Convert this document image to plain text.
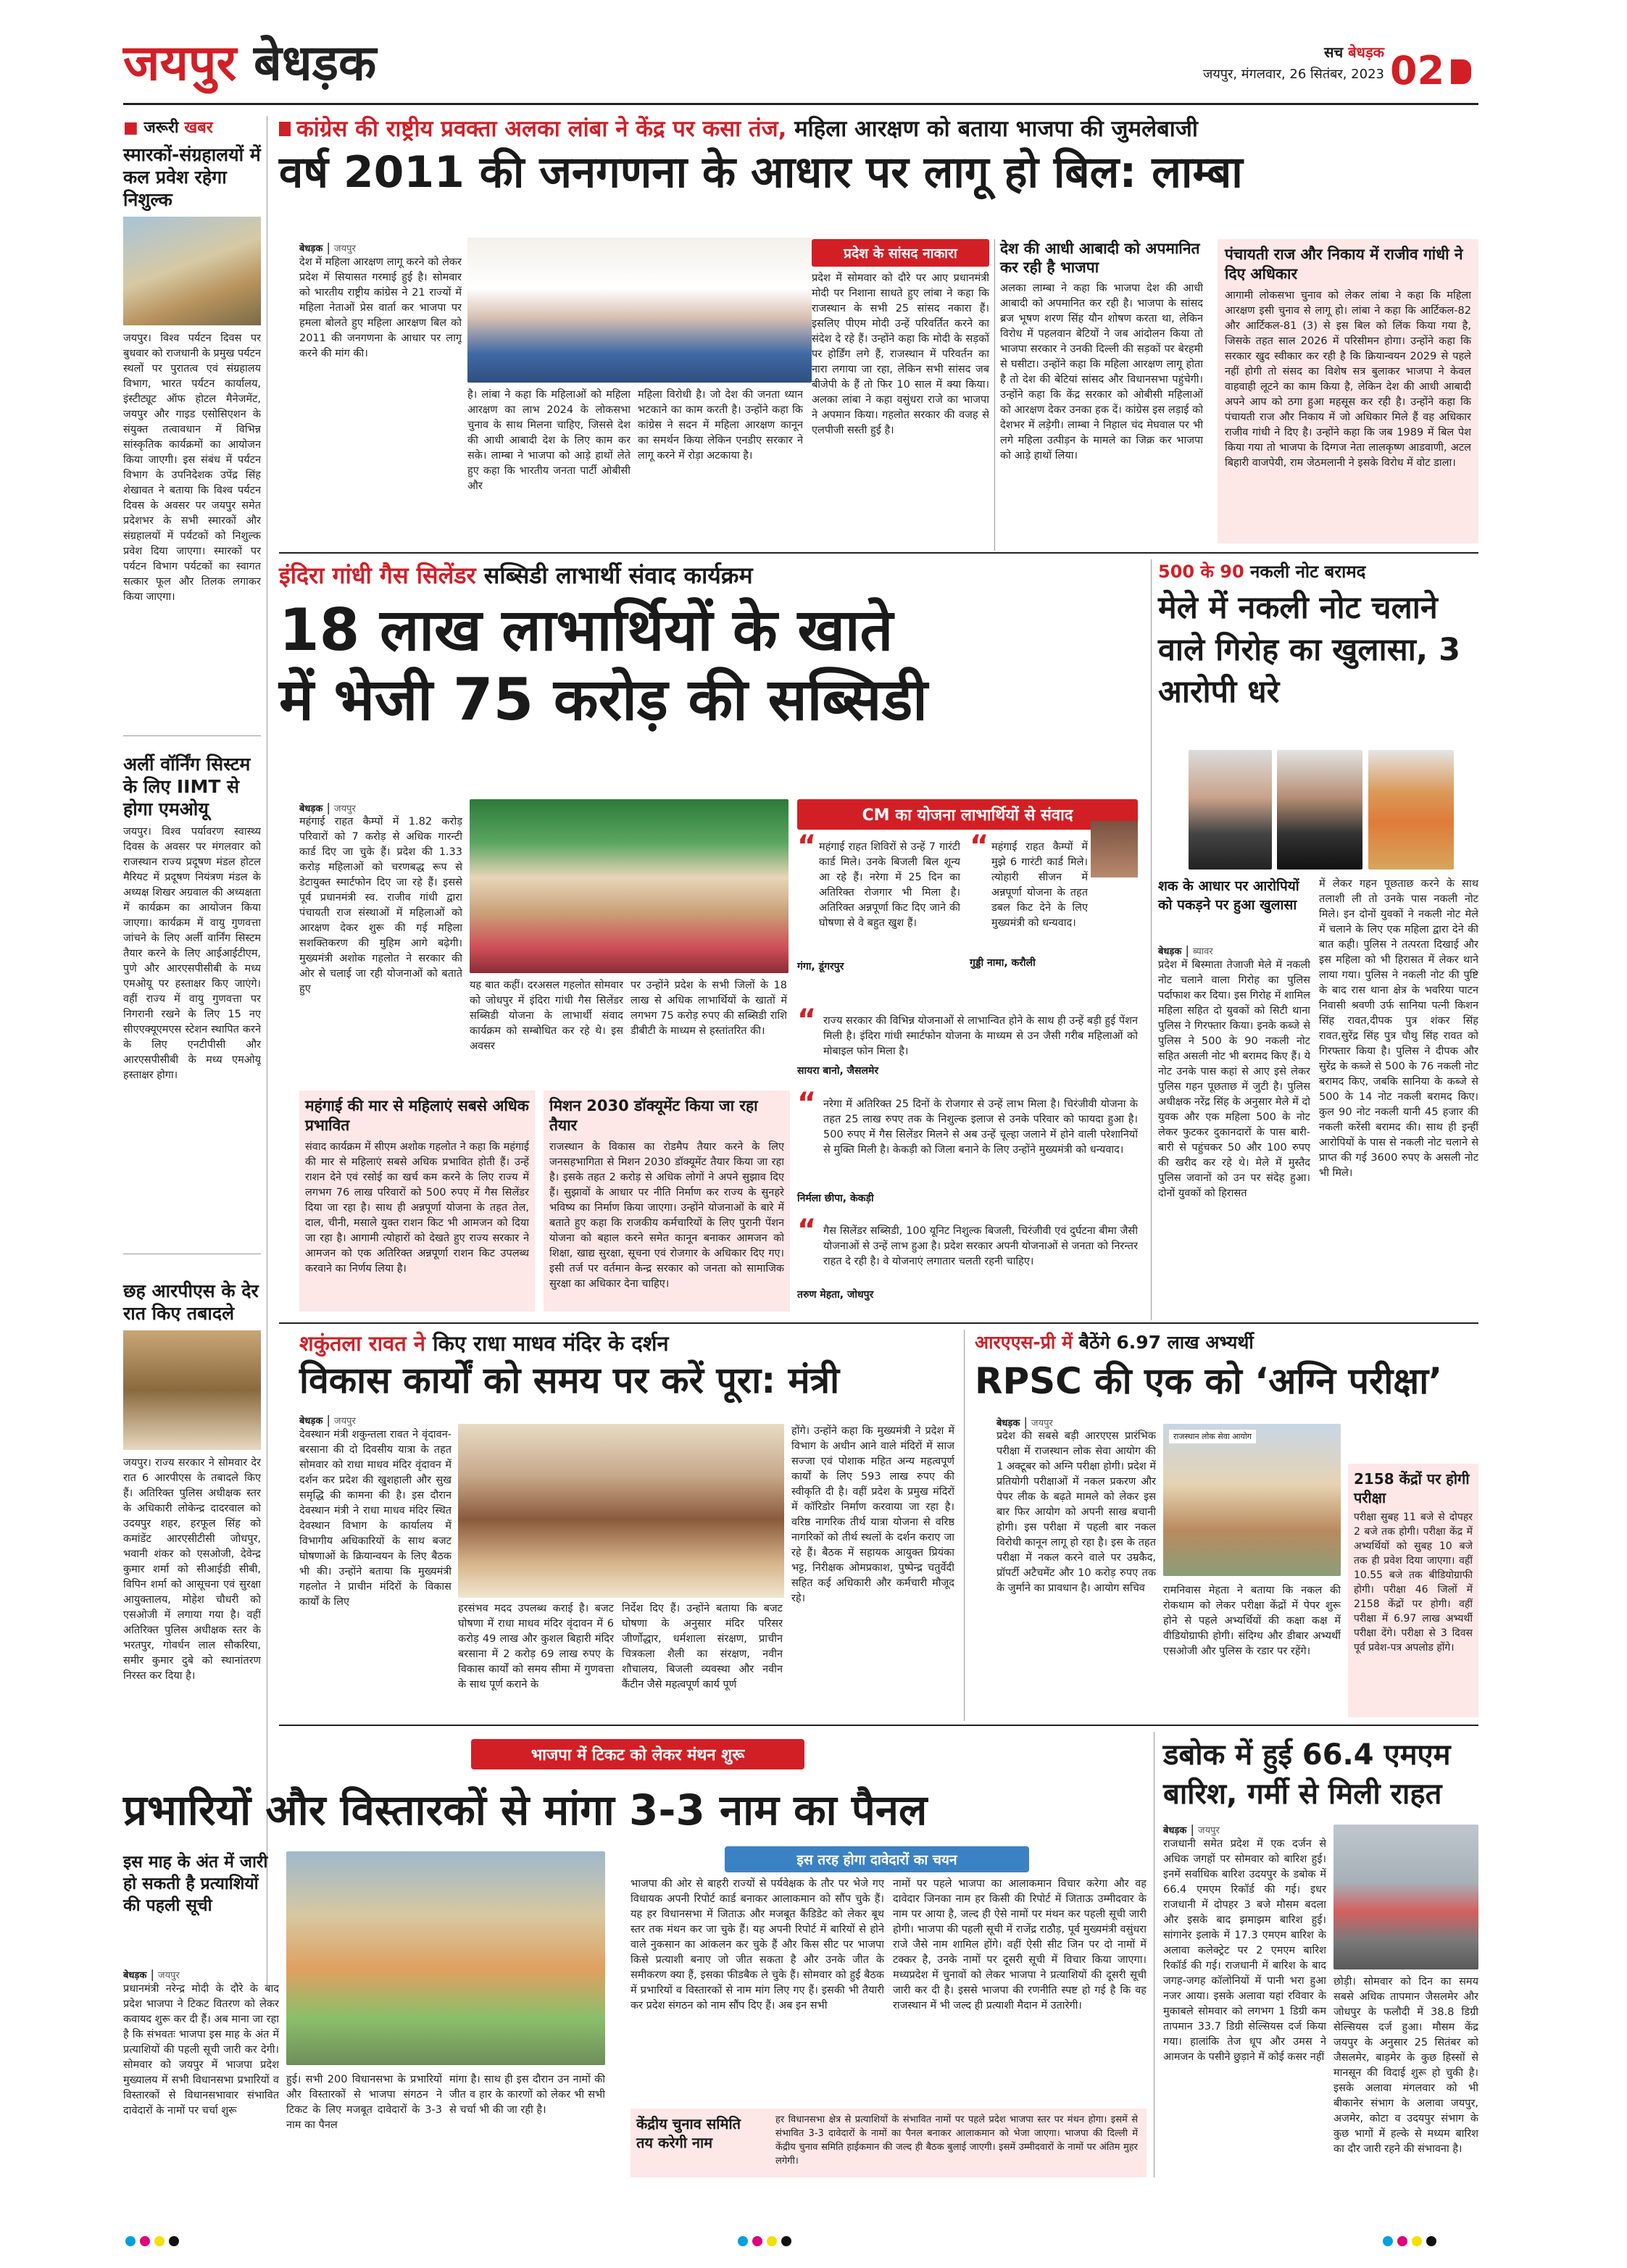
जयपुर बेधड़क	सच बेधड़क
जयपुर, मंगलवार, 26 सितंबर, 2023 02
■ जरूरी खबर
स्मारकों-संग्रहालयों में कल प्रवेश रहेगा निशुल्क
जयपुर। विश्व पर्यटन दिवस पर बुधवार को राजधानी के प्रमुख पर्यटन स्थलों पर पुरातत्व एवं संग्रहालय विभाग, भारत पर्यटन कार्यालय, इंस्टीट्यूट ऑफ होटल मैनेजमेंट, जयपुर और गाइड एसोसिएशन के संयुक्त तत्वावधान में विभिन्न सांस्कृतिक कार्यक्रमों का आयोजन किया जाएगी। इस संबंध में पर्यटन विभाग के उपनिदेशक उपेंद्र सिंह शेखावत ने बताया कि विश्व पर्यटन दिवस के अवसर पर जयपुर समेत प्रदेशभर के सभी स्मारकों और संग्रहालयों में पर्यटकों को निशुल्क प्रवेश दिया जाएगा। स्मारकों पर पर्यटन विभाग पर्यटकों का स्वागत सत्कार फूल और तिलक लगाकर किया जाएगा।
अर्ली वॉर्निंग सिस्टम के लिए IIMT से होगा एमओयू
जयपुर। विश्व पर्यावरण स्वास्थ्य दिवस के अवसर पर मंगलवार को राजस्थान राज्य प्रदूषण मंडल होटल मैरियट में प्रदूषण नियंत्रण मंडल के अध्यक्ष शिखर अग्रवाल की अध्यक्षता में कार्यक्रम का आयोजन किया जाएगा। कार्यक्रम में वायु गुणवत्ता जांचने के लिए अर्ली वार्निंग सिस्टम तैयार करने के लिए आईआईटीएम, पुणे और आरएसपीसीबी के मध्य एमओयू पर हस्ताक्षर किए जाएंगे। वहीं राज्य में वायु गुणवत्ता पर निगरानी रखने के लिए 15 नए सीएएक्यूएमएस स्टेशन स्थापित करने के लिए एनटीपीसी और आरएसपीसीबी के मध्य एमओयू हस्ताक्षर होगा।
छह आरपीएस के देर रात किए तबादले
जयपुर। राज्य सरकार ने सोमवार देर रात 6 आरपीएस के तबादले किए हैं। अतिरिक्त पुलिस अधीक्षक स्तर के अधिकारी लोकेन्द्र दादरवाल को उदयपुर शहर, हरफूल सिंह को कमांडेंट आरएसीटीसी जोधपुर, भवानी शंकर को एसओजी, देवेन्द्र कुमार शर्मा को सीआईडी सीबी, विपिन शर्मा को आसूचना एवं सुरक्षा आयुक्तालय, मोहेश चौधरी को एसओजी में लगाया गया है। वहीं अतिरिक्त पुलिस अधीक्षक स्तर के भरतपुर, गोवर्धन लाल सौकरिया, समीर कुमार दुबे को स्थानांतरण निरस्त कर दिया है।
कांग्रेस की राष्ट्रीय प्रवक्ता अलका लांबा ने केंद्र पर कसा तंज, महिला आरक्षण को बताया भाजपा की जुमलेबाजी
वर्ष 2011 की जनगणना के आधार पर लागू हो बिल: लाम्बा
बेधड़क | जयपुर
देश में महिला आरक्षण लागू करने को लेकर प्रदेश में सियासत गरमाई हुई है। सोमवार को भारतीय राष्ट्रीय कांग्रेस ने 21 राज्यों में महिला नेताओं प्रेस वार्ता कर भाजपा पर हमला बोलते हुए महिला आरक्षण बिल को 2011 की जनगणना के आधार पर लागू करने की मांग की।
है। लांबा ने कहा कि महिलाओं को महिला आरक्षण का लाभ 2024 के लोकसभा चुनाव के साथ मिलना चाहिए, जिससे देश की आधी आबादी देश के लिए काम कर सके। लाम्बा ने भाजपा को आड़े हाथों लेते हुए कहा कि भारतीय जनता पार्टी ओबीसी और
महिला विरोधी है। जो देश की जनता ध्यान भटकाने का काम करती है। उन्होंने कहा कि कांग्रेस ने सदन में महिला आरक्षण कानून का समर्थन किया लेकिन एनडीए सरकार ने लागू करने में रोड़ा अटकाया है।
प्रदेश के सांसद नाकारा
प्रदेश में सोमवार को दौरे पर आए प्रधानमंत्री मोदी पर निशाना साधते हुए लांबा ने कहा कि राजस्थान के सभी 25 सांसद नकारा हैं। इसलिए पीएम मोदी उन्हें परिवर्तित करने का संदेश दे रहे हैं। उन्होंने कहा कि मोदी के सड़कों पर होर्डिंग लगे हैं, राजस्थान में परिवर्तन का नारा लगाया जा रहा, लेकिन सभी सांसद जब बीजेपी के हैं तो फिर 10 साल में क्या किया। अलका लांबा ने कहा वसुंधरा राजे का भाजपा ने अपमान किया। गहलोत सरकार की वजह से एलपीजी सस्ती हुई है।
देश की आधी आबादी को अपमानित कर रही है भाजपा
अलका लाम्बा ने कहा कि भाजपा देश की आधी आबादी को अपमानित कर रही है। भाजपा के सांसद ब्रज भूषण शरण सिंह यौन शोषण करता था, लेकिन विरोध में पहलवान बेटियों ने जब आंदोलन किया तो भाजपा सरकार ने उनकी दिल्ली की सड़कों पर बेरहमी से घसीटा। उन्होंने कहा कि महिला आरक्षण लागू होता है तो देश की बेटियां सांसद और विधानसभा पहुंचेगी। उन्होंने कहा कि केंद्र सरकार को ओबीसी महिलाओं को आरक्षण देकर उनका हक दें। कांग्रेस इस लड़ाई को देशभर में लड़ेगी। लाम्बा ने निहाल चंद मेघवाल पर भी लगे महिला उत्पीड़न के मामले का जिक्र कर भाजपा को आड़े हाथों लिया।
पंचायती राज और निकाय में राजीव गांधी ने दिए अधिकार
आगामी लोकसभा चुनाव को लेकर लांबा ने कहा कि महिला आरक्षण इसी चुनाव से लागू हो। लांबा ने कहा कि आर्टिकल-82 और आर्टिकल-81 (3) से इस बिल को लिंक किया गया है, जिसके तहत साल 2026 में परिसीमन होगा। उन्होंने कहा कि सरकार खुद स्वीकार कर रही है कि क्रियान्वयन 2029 से पहले नहीं होगी तो संसद का विशेष सत्र बुलाकर भाजपा ने केवल वाहवाही लूटने का काम किया है, लेकिन देश की आधी आबादी अपने आप को ठगा हुआ महसूस कर रही है। उन्होंने कहा कि पंचायती राज और निकाय में जो अधिकार मिले हैं वह अधिकार राजीव गांधी ने दिए है। उन्होंने कहा कि जब 1989 में बिल पेश किया गया तो भाजपा के दिग्गज नेता लालकृष्ण आडवाणी, अटल बिहारी वाजपेयी, राम जेठमलानी ने इसके विरोध में वोट डाला।
इंदिरा गांधी गैस सिलेंडर सब्सिडी लाभार्थी संवाद कार्यक्रम
18 लाख लाभार्थियों के खाते
में भेजी 75 करोड़ की सब्सिडी
बेधड़क | जयपुर
महंगाई राहत कैम्पों में 1.82 करोड़ परिवारों को 7 करोड़ से अधिक गारन्टी कार्ड दिए जा चुके हैं। प्रदेश की 1.33 करोड़ महिलाओं को चरणबद्ध रूप से डेटायुक्त स्मार्टफोन दिए जा रहे हैं। इससे पूर्व प्रधानमंत्री स्व. राजीव गांधी द्वारा पंचायती राज संस्थाओं में महिलाओं को आरक्षण देकर शुरू की गई महिला सशक्तिकरण की मुहिम आगे बढ़ेगी। मुख्यमंत्री अशोक गहलोत ने सरकार की ओर से चलाई जा रही योजनाओं को बताते हुए	यह बात कहीं। दरअसल गहलोत सोमवार को जोधपुर में इंदिरा गांधी गैस सिलेंडर सब्सिडी योजना के लाभार्थी संवाद कार्यक्रम को सम्बोधित कर रहे थे। इस अवसर
पर उन्होंने प्रदेश के सभी जिलों के 18 लाख से अधिक लाभार्थियों के खातों में लगभग 75 करोड़ रुपए की सब्सिडी राशि डीबीटी के माध्यम से हस्तांतरित की।
CM का योजना लाभार्थियों से संवाद
“ महंगाई राहत शिविरों से उन्हें 7 गारंटी कार्ड मिले। उनके बिजली बिल शून्य आ रहे हैं। नरेगा में 25 दिन का अतिरिक्त रोजगार भी मिला है। अतिरिक्त अन्नपूर्णा किट दिए जाने की घोषणा से वे बहुत खुश हैं।
गंगा, डूंगरपुर
“ महंगाई राहत कैम्पों में मुझे 6 गारंटी कार्ड मिले। त्योहारी सीजन में अन्नपूर्णा योजना के तहत डबल किट देने के लिए मुख्यमंत्री को धन्यवाद।
गुड्डी नामा, करौली
“ राज्य सरकार की विभिन्न योजनाओं से लाभान्वित होने के साथ ही उन्हें बड़ी हुई पेंशन मिली है। इंदिरा गांधी स्मार्टफोन योजना के माध्यम से उन जैसी गरीब महिलाओं को मोबाइल फोन मिला है।
सायरा बानो, जैसलमेर
“ नरेगा में अतिरिक्त 25 दिनों के रोजगार से उन्हें लाभ मिला है। चिरंजीवी योजना के तहत 25 लाख रुपए तक के निशुल्क इलाज से उनके परिवार को फायदा हुआ है। 500 रुपए में गैस सिलेंडर मिलने से अब उन्हें चूल्हा जलाने में होने वाली परेशानियों से मुक्ति मिली है। केकड़ी को जिला बनाने के लिए उन्होंने मुख्यमंत्री को धन्यवाद।
निर्मला छीपा, केकड़ी
“ गैस सिलेंडर सब्सिडी, 100 यूनिट निशुल्क बिजली, चिरंजीवी एवं दुर्घटना बीमा जैसी योजनाओं से उन्हें लाभ हुआ है। प्रदेश सरकार अपनी योजनाओं से जनता को निरन्तर राहत दे रही है। वे योजनाएं लगातार चलती रहनी चाहिए।
तरुण मेहता, जोधपुर
महंगाई की मार से महिलाएं सबसे अधिक प्रभावित
संवाद कार्यक्रम में सीएम अशोक गहलोत ने कहा कि महंगाई की मार से महिलाएं सबसे अधिक प्रभावित होती हैं। उन्हें राशन देने एवं रसोई का खर्च कम करने के लिए राज्य में लगभग 76 लाख परिवारों को 500 रुपए में गैस सिलेंडर दिया जा रहा है। साथ ही अन्नपूर्णा योजना के तहत तेल, दाल, चीनी, मसाले युक्त राशन किट भी आमजन को दिया जा रहा है। आगामी त्योहारों को देखते हुए राज्य सरकार ने आमजन को एक अतिरिक्त अन्नपूर्णा राशन किट उपलब्ध करवाने का निर्णय लिया है।
मिशन 2030 डॉक्यूमेंट किया जा रहा तैयार
राजस्थान के विकास का रोडमैप तैयार करने के लिए जनसहभागिता से मिशन 2030 डॉक्यूमेंट तैयार किया जा रहा है। इसके तहत 2 करोड़ से अधिक लोगों ने अपने सुझाव दिए हैं। सुझावों के आधार पर नीति निर्माण कर राज्य के सुनहरे भविष्य का निर्माण किया जाएगा। उन्होंने योजनाओं के बारे में बताते हुए कहा कि राजकीय कर्मचारियों के लिए पुरानी पेंशन योजना को बहाल करने समेत कानून बनाकर आमजन को शिक्षा, खाद्य सुरक्षा, सूचना एवं रोजगार के अधिकार दिए गए। इसी तर्ज पर वर्तमान केन्द्र सरकार को जनता को सामाजिक सुरक्षा का अधिकार देना चाहिए।
500 के 90 नकली नोट बरामद
मेले में नकली नोट चलाने वाले गिरोह का खुलासा, 3 आरोपी धरे
शक के आधार पर आरोपियों को पकड़ने पर हुआ खुलासा
बेधड़क | ब्यावर
प्रदेश में बिस्माता तेजाजी मेले में नकली नोट चलाने वाला गिरोह का पुलिस पर्दाफाश कर दिया। इस गिरोह में शामिल महिला सहित दो युवकों को सिटी थाना पुलिस ने गिरफ्तार किया। इनके कब्जे से पुलिस ने 500 के 90 नकली नोट सहित असली नोट भी बरामद किए हैं। ये नोट उनके पास कहां से आए इसे लेकर पुलिस गहन पूछताछ में जुटी है। पुलिस अधीक्षक नरेंद्र सिंह के अनुसार मेले में दो युवक और एक महिला 500 के नोट लेकर फुटकर दुकानदारों के पास बारी-बारी से पहुंचकर 50 और 100 रुपए की खरीद कर रहे थे। मेले में मुस्तैद पुलिस जवानों को उन पर संदेह हुआ। दोनों युवकों को हिरासत
में लेकर गहन पूछताछ करने के साथ तलाशी ली तो उनके पास नकली नोट मिले। इन दोनों युवकों ने नकली नोट मेले में चलाने के लिए एक महिला द्वारा देने की बात कही। पुलिस ने तत्परता दिखाई और इस महिला को भी हिरासत में लेकर थाने लाया गया। पुलिस ने नकली नोट की पुष्टि के बाद रास थाना क्षेत्र के भवरिया पाटन निवासी श्रवणी उर्फ सानिया पत्नी किशन सिंह रावत,दीपक पुत्र शंकर सिंह रावत,सुरेंद्र सिंह पुत्र चौथु सिंह रावत को गिरफ्तार किया है। पुलिस ने दीपक और सुरेंद्र के कब्जे से 500 के 76 नकली नोट बरामद किए, जबकि सानिया के कब्जे से 500 के 14 नोट नकली बरामद किए। कुल 90 नोट नकली यानी 45 हजार की नकली करेंसी बरामद की। साथ ही इन्हीं आरोपियों के पास से नकली नोट चलाने से प्राप्त की गई 3600 रुपए के असली नोट भी मिले।
शकुंतला रावत ने किए राधा माधव मंदिर के दर्शन
विकास कार्यों को समय पर करें पूरा: मंत्री
बेधड़क | जयपुर
देवस्थान मंत्री शकुन्तला रावत ने वृंदावन-बरसाना की दो दिवसीय यात्रा के तहत सोमवार को राधा माधव मंदिर वृंदावन में दर्शन कर प्रदेश की खुशहाली और सुख समृद्धि की कामना की है। इस दौरान देवस्थान मंत्री ने राधा माधव मंदिर स्थित देवस्थान विभाग के कार्यालय में विभागीय अधिकारियों के साथ बजट घोषणाओं के क्रियान्वयन के लिए बैठक भी की। उन्होंने बताया कि मुख्यमंत्री गहलोत ने प्राचीन मंदिरों के विकास कार्यों के लिए
हरसंभव मदद उपलब्ध कराई है। बजट घोषणा में राधा माधव मंदिर वृंदावन में 6 करोड़ 49 लाख और कुशल बिहारी मंदिर बरसाना में 2 करोड़ 69 लाख रुपए के विकास कार्यों को समय सीमा में गुणवत्ता के साथ पूर्ण कराने के
निर्देश दिए हैं। उन्होंने बताया कि बजट घोषणा के अनुसार मंदिर परिसर जीर्णोद्धार, धर्मशाला संरक्षण, प्राचीन चित्रकला शैली का संरक्षण, नवीन शौचालय, बिजली व्यवस्था और नवीन कैंटीन जैसे महत्वपूर्ण कार्य पूर्ण
होंगे। उन्होंने कहा कि मुख्यमंत्री ने प्रदेश में विभाग के अधीन आने वाले मंदिरों में साज सज्जा एवं पोशाक महित अन्य महत्वपूर्ण कार्यों के लिए 593 लाख रुपए की स्वीकृति दी है। वहीं प्रदेश के प्रमुख मंदिरों में कॉरिडोर निर्माण करवाया जा रहा है। वरिष्ठ नागरिक तीर्थ यात्रा योजना से वरिष्ठ नागरिकों को तीर्थ स्थलों के दर्शन कराए जा रहे हैं। बैठक में सहायक आयुक्त प्रियंका भट्ट, निरीक्षक ओमप्रकाश, पुष्पेन्द्र चतुर्वेदी सहित कई अधिकारी और कर्मचारी मौजूद रहे।
आरएएस-प्री में बैठेंगे 6.97 लाख अभ्यर्थी
RPSC की एक को ‘अग्नि परीक्षा’
बेधड़क | जयपुर
प्रदेश की सबसे बड़ी आरएएस प्रारंभिक परीक्षा में राजस्थान लोक सेवा आयोग की 1 अक्टूबर को अग्नि परीक्षा होगी। प्रदेश में प्रतियोगी परीक्षाओं में नकल प्रकरण और पेपर लीक के बढ़ते मामले को लेकर इस बार फिर आयोग को अपनी साख बचानी होगी। इस परीक्षा में पहली बार नकल विरोधी कानून लागू हो रहा है। इस के तहत परीक्षा में नकल करने वाले पर उम्रकैद, प्रॉपर्टी अटैचमेंट और 10 करोड़ रुपए तक के जुर्माने का प्रावधान है। आयोग सचिव
राजस्थान लोक सेवा आयोग
रामनिवास मेहता ने बताया कि नकल की रोकथाम को लेकर परीक्षा केंद्रों में पेपर शुरू होने से पहले अभ्यर्थियों की कक्षा कक्ष में वीडियोग्राफी होगी। संदिग्ध और डीबार अभ्यर्थी एसओजी और पुलिस के रडार पर रहेंगे।
2158 केंद्रों पर होगी परीक्षा
परीक्षा सुबह 11 बजे से दोपहर 2 बजे तक होगी। परीक्षा केंद्र में अभ्यर्थियों को सुबह 10 बजे तक ही प्रवेश दिया जाएगा। वहीं 10.55 बजे तक बीडियोग्राफी होगी। परीक्षा 46 जिलों में 2158 केंद्रों पर होगी। वहीं परीक्षा में 6.97 लाख अभ्यर्थी परीक्षा देंगे। परीक्षा से 3 दिवस पूर्व प्रवेश-पत्र अपलोड होंगे।
भाजपा में टिकट को लेकर मंथन शुरू
प्रभारियों और विस्तारकों से मांगा 3-3 नाम का पैनल
इस माह के अंत में जारी हो सकती है प्रत्याशियों की पहली सूची
बेधड़क | जयपुर
प्रधानमंत्री नरेन्द्र मोदी के दौरे के बाद प्रदेश भाजपा ने टिकट वितरण को लेकर कवायद शुरू कर दी हैं। अब माना जा रहा है कि संभवतः भाजपा इस माह के अंत में प्रत्याशियों की पहली सूची जारी कर देगी। सोमवार को जयपुर में भाजपा प्रदेश मुख्यालय में सभी विधानसभा प्रभारियों व विस्तारकों से विधानसभावार संभावित दावेदारों के नामों पर चर्चा शुरू
हुई। सभी 200 विधानसभा के प्रभारियों और विस्तारकों से भाजपा संगठन ने टिकट के लिए मजबूत दावेदारों के 3-3 नाम का पैनल
मांगा है। साथ ही इस दौरान उन नामों की जीत व हार के कारणों को लेकर भी सभी से चर्चा भी की जा रही है।
इस तरह होगा दावेदारों का चयन
भाजपा की ओर से बाहरी राज्यों से पर्यवेक्षक के तौर पर भेजे गए विधायक अपनी रिपोर्ट कार्ड बनाकर आलाकमान को सौंप चुके हैं। यह हर विधानसभा में जिताऊ और मजबूत कैंडिडेट को लेकर बूथ स्तर तक मंथन कर जा चुके हैं। यह अपनी रिपोर्ट में बारियों से होने वाले नुकसान का आंकलन कर चुके हैं और किस सीट पर भाजपा किसे प्रत्याशी बनाए जो जीत सकता है और उनके जीत के समीकरण क्या हैं, इसका फीडबैक ले चुके हैं। सोमवार को हुई बैठक में प्रभारियों व विस्तारकों से नाम मांग लिए गए हैं। इसकी भी तैयारी कर प्रदेश संगठन को नाम सौंप दिए हैं। अब इन सभी
नामों पर पहले भाजपा का आलाकमान विचार करेगा और वह दावेदार जिनका नाम हर किसी की रिपोर्ट में जिताऊ उम्मीदवार के नाम पर आया है, जल्द ही ऐसे नामों पर मंथन कर पहली सूची जारी होगी। भाजपा की पहली सूची में राजेंद्र राठौड़, पूर्व मुख्यमंत्री वसुंधरा राजे जैसे नाम शामिल होंगे। वहीं ऐसी सीट जिन पर दो नामों में टक्कर है, उनके नामों पर दूसरी सूची में विचार किया जाएगा। मध्यप्रदेश में चुनावों को लेकर भाजपा ने प्रत्याशियों की दूसरी सूची जारी कर दी है। इससे भाजपा की रणनीति स्पष्ट हो गई है कि वह राजस्थान में भी जल्द ही प्रत्याशी मैदान में उतारेगी।
केंद्रीय चुनाव समिति तय करेगी नाम
हर विधानसभा क्षेत्र से प्रत्याशियों के संभावित नामों पर पहले प्रदेश भाजपा स्तर पर मंथन होगा। इसमें से संभावित 3-3 दावेदारों के नामों का पैनल बनाकर आलाकमान को भेजा जाएगा। भाजपा की दिल्ली में केंद्रीय चुनाव समिति हाईकमान की जल्द ही बैठक बुलाई जाएगी। इसमें उम्मीदवारों के नामों पर अंतिम मुहर लगेगी।
डबोक में हुई 66.4 एमएम बारिश, गर्मी से मिली राहत
बेधड़क | जयपुर
राजधानी समेत प्रदेश में एक दर्जन से अधिक जगहों पर सोमवार को बारिश हुई। इनमें सर्वाधिक बारिश उदयपुर के डबोक में 66.4 एमएम रिकॉर्ड की गई। इधर राजधानी में दोपहर 3 बजे मौसम बदला और इसके बाद झमाझम बारिश हुई। सांगानेर इलाके में 17.3 एमएम बारिश के अलावा कलेक्ट्रेट पर 2 एमएम बारिश रिकॉर्ड की गई। राजधानी में बारिश के बाद जगह-जगह कॉलोनियों में पानी भरा हुआ नजर आया। इसके अलावा यहां रविवार के मुकाबले सोमवार को लगभग 1 डिग्री कम तापमान 33.7 डिग्री सेल्सियस दर्ज किया गया। हालांकि तेज धूप और उमस ने आमजन के पसीने छुड़ाने में कोई कसर नहीं
छोड़ी। सोमवार को दिन का समय सबसे अधिक तापमान जैसलमेर और जोधपुर के फलौदी में 38.8 डिग्री सेल्सियस दर्ज हुआ। मौसम केंद्र जयपुर के अनुसार 25 सितंबर को जैसलमेर, बाड़मेर के कुछ हिस्सों से मानसून की विदाई शुरू हो चुकी है। इसके अलावा मंगलवार को भी बीकानेर संभाग के अलावा जयपुर, अजमेर, कोटा व उदयपुर संभाग के कुछ भागों में हल्के से मध्यम बारिश का दौर जारी रहने की संभावना है।
